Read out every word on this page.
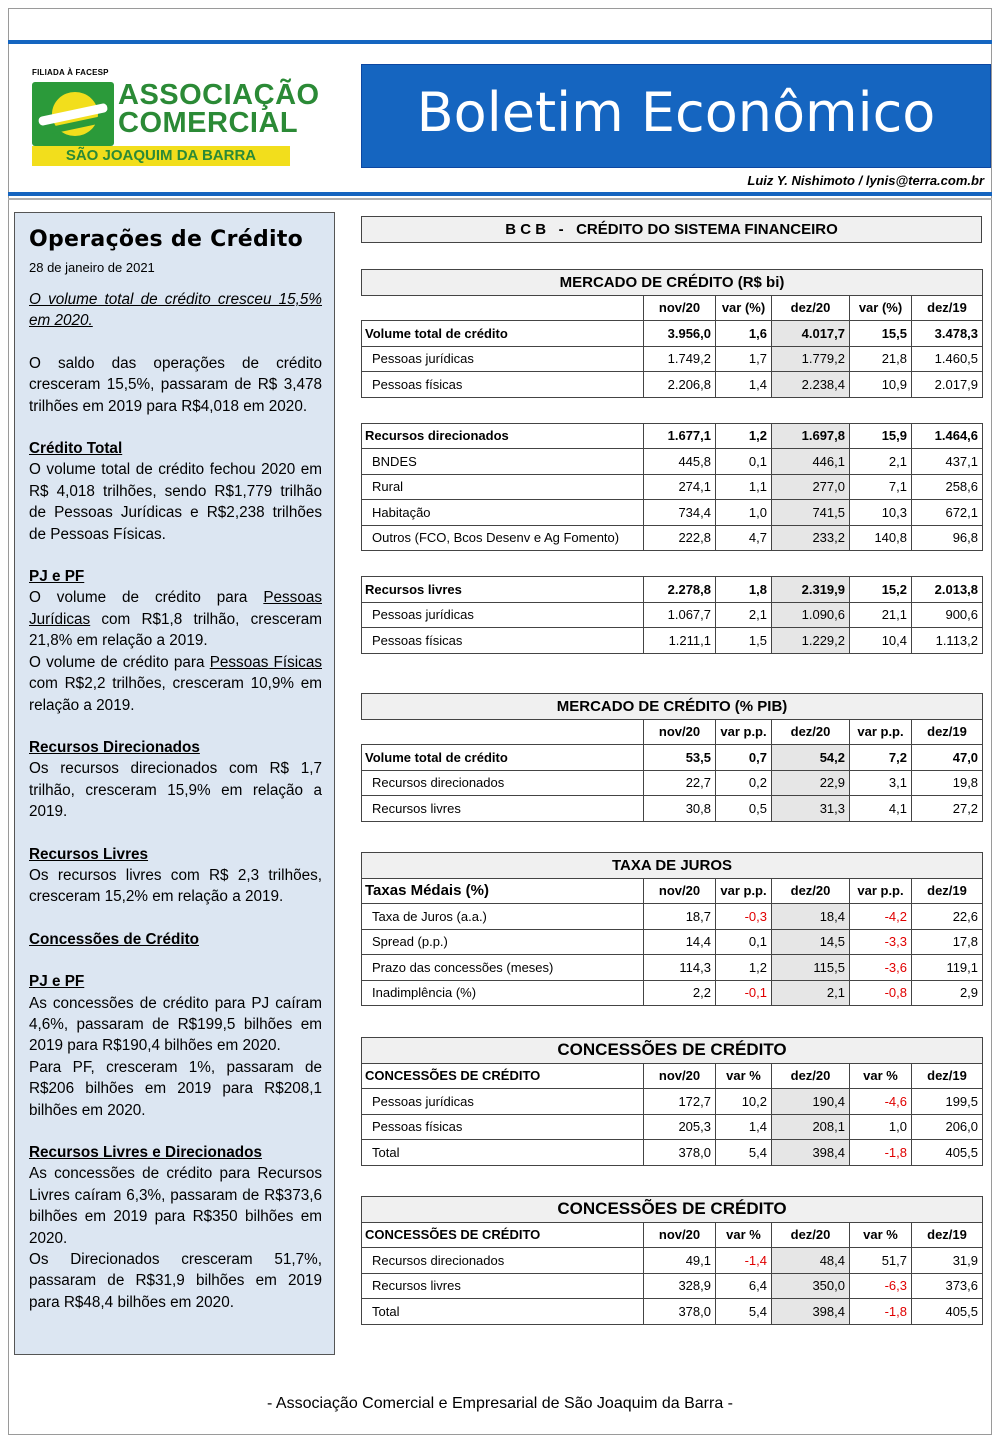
FILIADA À FACESP
ASSOCIAÇÃO
COMERCIAL
SÃO JOAQUIM DA BARRA
Boletim Econômico
Luiz Y. Nishimoto / lynis@terra.com.br
Operações de Crédito
28 de janeiro de 2021

O volume total de crédito cresceu 15,5% em 2020.

O saldo das operações de crédito cresceram 15,5%, passaram de R$ 3,478 trilhões em 2019 para R$4,018 em 2020.

Crédito Total

O volume total de crédito fechou 2020 em R$ 4,018 trilhões, sendo R$1,779 trilhão de Pessoas Jurídicas e R$2,238 trilhões de Pessoas Físicas.

PJ e PF

O volume de crédito para Pessoas Jurídicas com R$1,8 trilhão, cresceram 21,8% em relação a 2019.

O volume de crédito para Pessoas Físicas com R$2,2 trilhões, cresceram 10,9% em relação a 2019.

Recursos Direcionados

Os recursos direcionados com R$ 1,7 trilhão, cresceram 15,9% em relação a 2019.

Recursos Livres

Os recursos livres com R$ 2,3 trilhões, cresceram 15,2% em relação a 2019.

Concessões de Crédito
PJ e PF

As concessões de crédito para PJ caíram 4,6%, passaram de R$199,5 bilhões em 2019 para R$190,4 bilhões em 2020.

Para PF, cresceram 1%, passaram de R$206 bilhões em 2019 para R$208,1 bilhões em 2020.

Recursos Livres e Direcionados

As concessões de crédito para Recursos Livres caíram 6,3%, passaram de R$373,6 bilhões em 2019 para R$350 bilhões em 2020.

Os Direcionados cresceram 51,7%, passaram de R$31,9 bilhões em 2019 para R$48,4 bilhões em 2020.

B C B   -   CRÉDITO DO SISTEMA FINANCEIRO
MERCADO DE CRÉDITO (R$ bi)					
	nov/20	var (%)	dez/20	var (%)	dez/19
Volume total de crédito	3.956,0	1,6	4.017,7	15,5	3.478,3
Pessoas jurídicas	1.749,2	1,7	1.779,2	21,8	1.460,5
Pessoas físicas	2.206,8	1,4	2.238,4	10,9	2.017,9

Recursos direcionados	1.677,1	1,2	1.697,8	15,9	1.464,6
BNDES	445,8	0,1	446,1	2,1	437,1
Rural	274,1	1,1	277,0	7,1	258,6
Habitação	734,4	1,0	741,5	10,3	672,1
Outros (FCO, Bcos Desenv e Ag Fomento)	222,8	4,7	233,2	140,8	96,8

Recursos livres	2.278,8	1,8	2.319,9	15,2	2.013,8
Pessoas jurídicas	1.067,7	2,1	1.090,6	21,1	900,6
Pessoas físicas	1.211,1	1,5	1.229,2	10,4	1.113,2
MERCADO DE CRÉDITO (% PIB)					
	nov/20	var p.p.	dez/20	var p.p.	dez/19
Volume total de crédito	53,5	0,7	54,2	7,2	47,0
Recursos direcionados	22,7	0,2	22,9	3,1	19,8
Recursos livres	30,8	0,5	31,3	4,1	27,2
TAXA DE JUROS					
Taxas Médais (%)	nov/20	var p.p.	dez/20	var p.p.	dez/19
Taxa de Juros (a.a.)	18,7	-0,3	18,4	-4,2	22,6
Spread (p.p.)	14,4	0,1	14,5	-3,3	17,8
Prazo das concessões (meses)	114,3	1,2	115,5	-3,6	119,1
Inadimplência (%)	2,2	-0,1	2,1	-0,8	2,9
CONCESSÕES DE CRÉDITO					
CONCESSÕES DE CRÉDITO	nov/20	var %	dez/20	var %	dez/19
Pessoas jurídicas	172,7	10,2	190,4	-4,6	199,5
Pessoas físicas	205,3	1,4	208,1	1,0	206,0
Total	378,0	5,4	398,4	-1,8	405,5
CONCESSÕES DE CRÉDITO					
CONCESSÕES DE CRÉDITO	nov/20	var %	dez/20	var %	dez/19
Recursos direcionados	49,1	-1,4	48,4	51,7	31,9
Recursos livres	328,9	6,4	350,0	-6,3	373,6
Total	378,0	5,4	398,4	-1,8	405,5
- Associação Comercial e Empresarial de São Joaquim da Barra -
